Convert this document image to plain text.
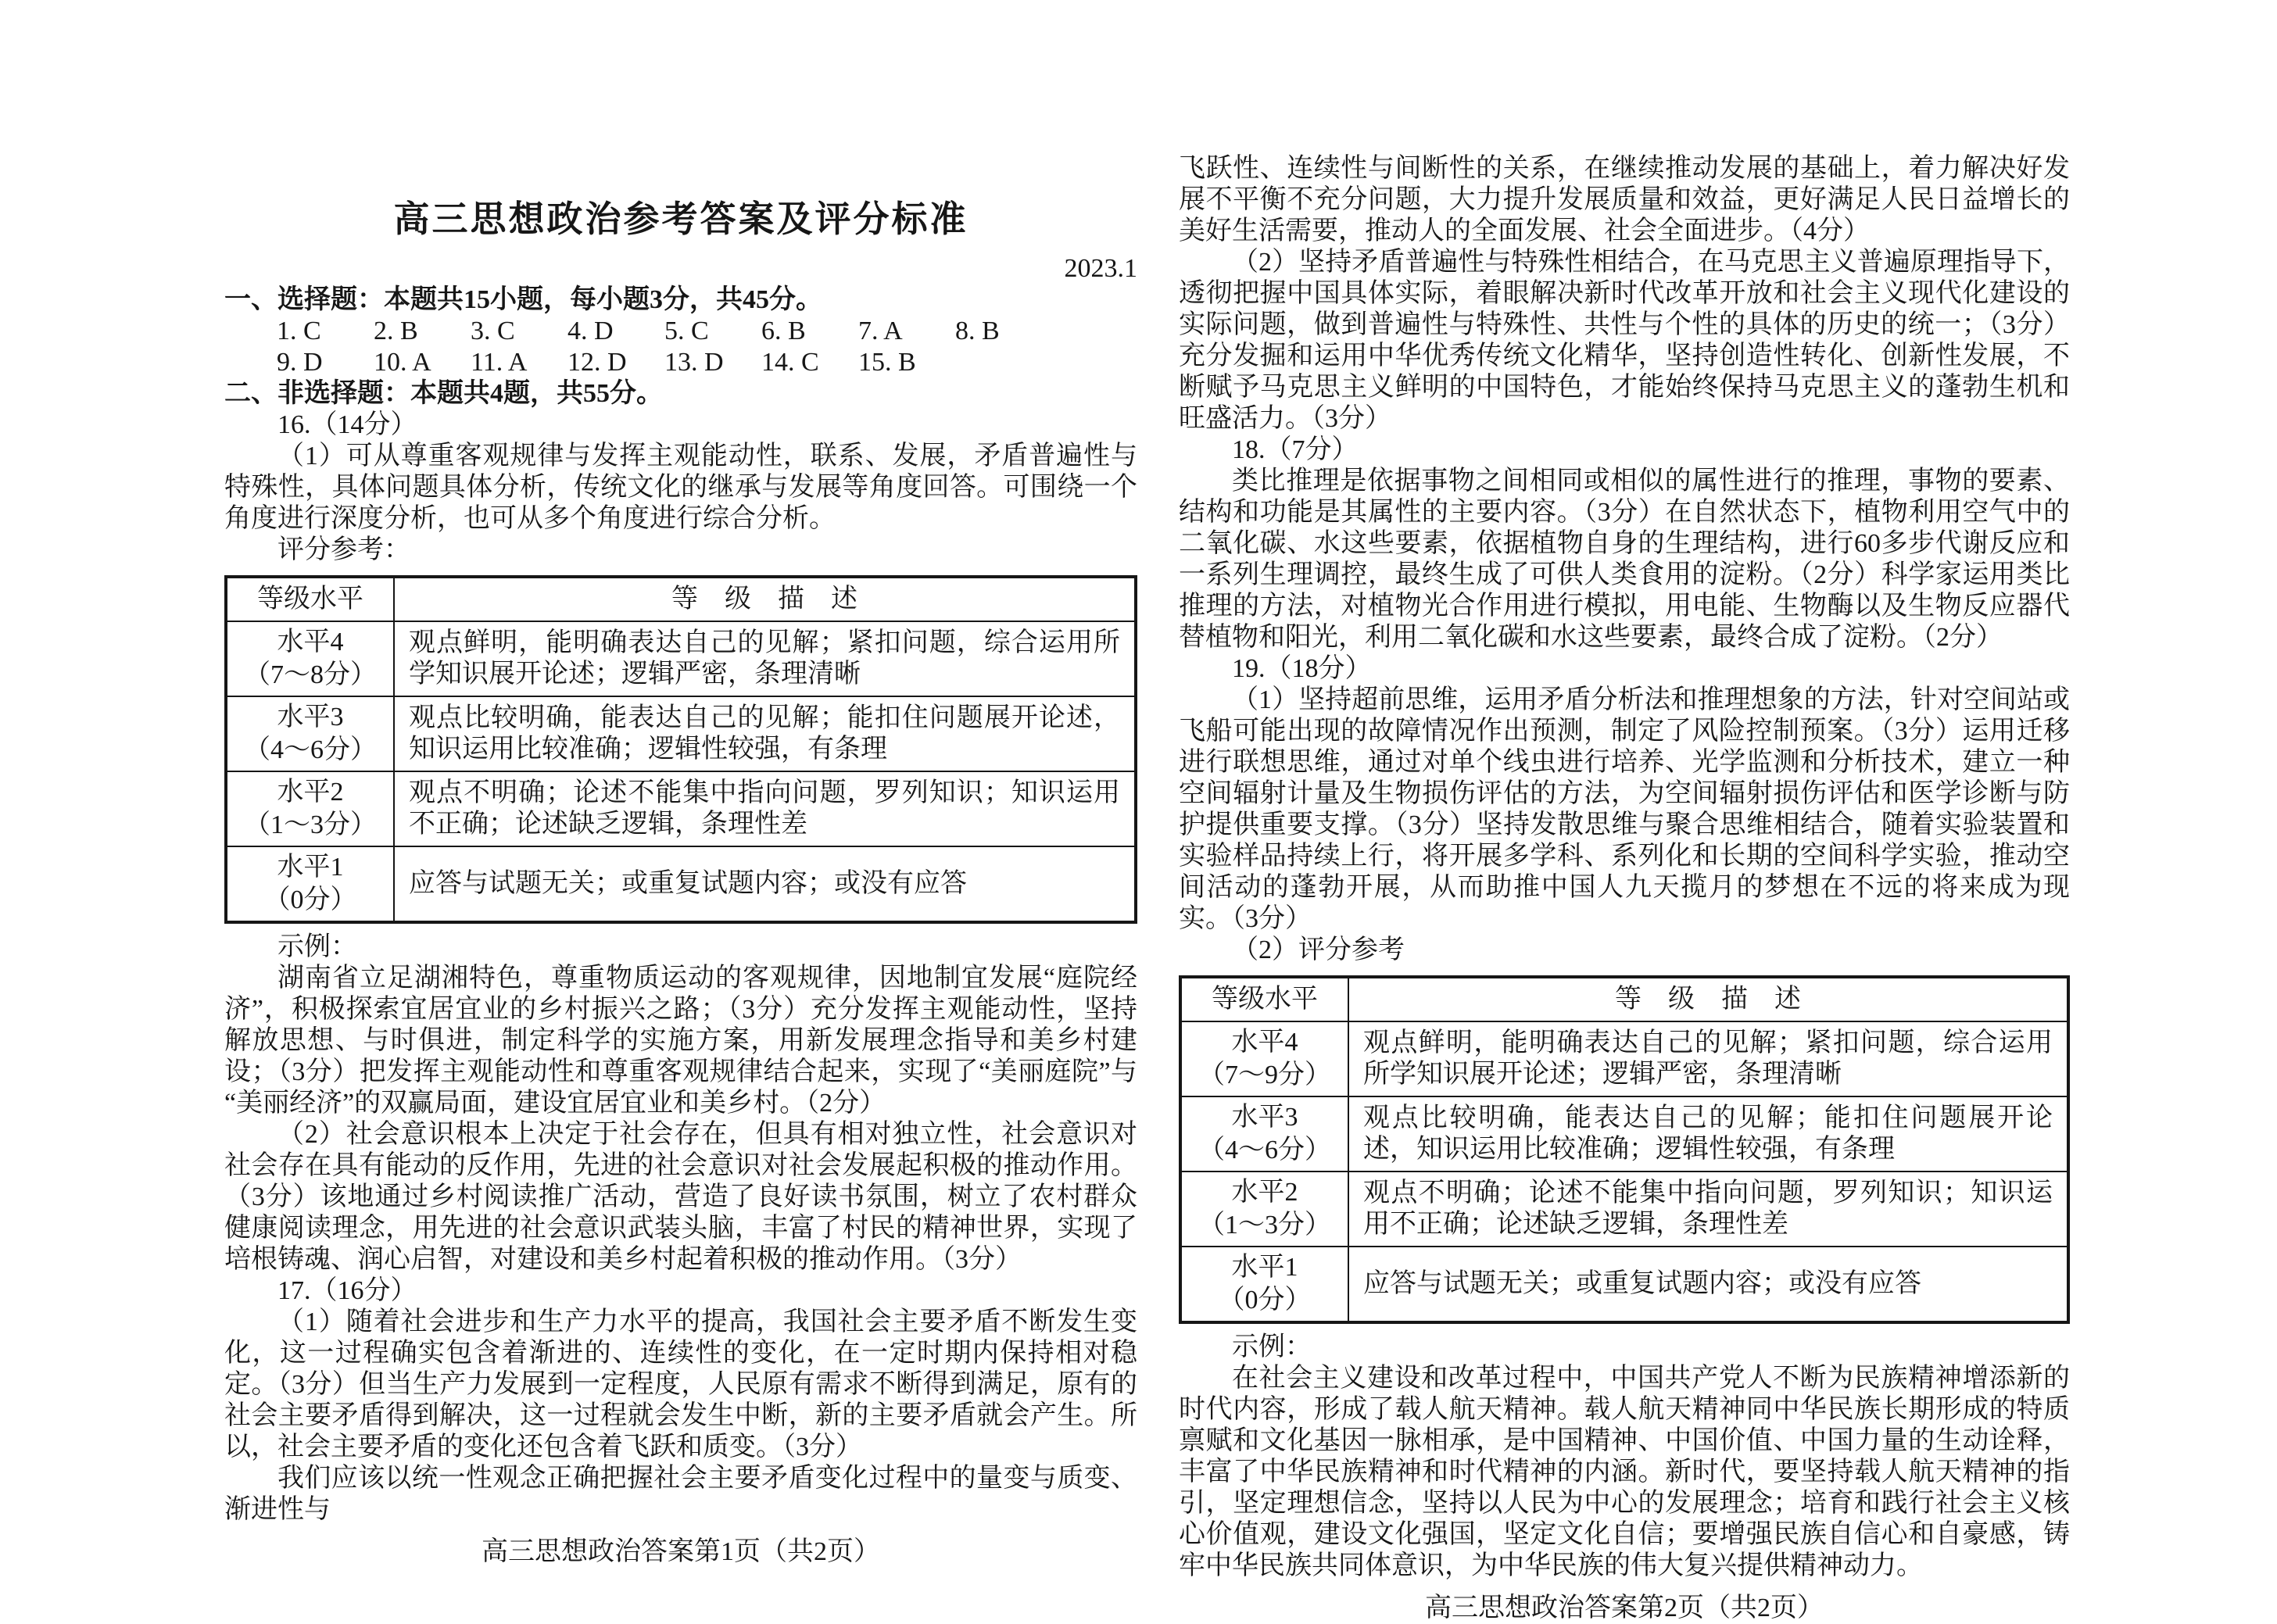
高三思想政治参考答案及评分标准
2023.1
一、选择题：本题共15小题，每小题3分，共45分。
1. C	2. B	3. C	4. D	5. C	6. B	7. A	8. B
9. D	10. A	11. A	12. D	13. D	14. C	15. B
二、非选择题：本题共4题，共55分。

16.（14分）

（1）可从尊重客观规律与发挥主观能动性，联系、发展，矛盾普遍性与特殊性，具体问题具体分析，传统文化的继承与发展等角度回答。可围绕一个角度进行深度分析，也可从多个角度进行综合分析。

评分参考：

等级水平	等　级　描　述

水平4
（7～8分）	观点鲜明，能明确表达自己的见解；紧扣问题，综合运用所学知识展开论述；逻辑严密，条理清晰

水平3
（4～6分）	观点比较明确，能表达自己的见解；能扣住问题展开论述，知识运用比较准确；逻辑性较强，有条理

水平2
（1～3分）	观点不明确；论述不能集中指向问题，罗列知识；知识运用不正确；论述缺乏逻辑，条理性差

水平1
（0分）	应答与试题无关；或重复试题内容；或没有应答

示例：

湖南省立足湖湘特色，尊重物质运动的客观规律，因地制宜发展“庭院经济”，积极探索宜居宜业的乡村振兴之路；（3分）充分发挥主观能动性，坚持解放思想、与时俱进，制定科学的实施方案，用新发展理念指导和美乡村建设；（3分）把发挥主观能动性和尊重客观规律结合起来，实现了“美丽庭院”与“美丽经济”的双赢局面，建设宜居宜业和美乡村。（2分）

（2）社会意识根本上决定于社会存在，但具有相对独立性，社会意识对社会存在具有能动的反作用，先进的社会意识对社会发展起积极的推动作用。（3分）该地通过乡村阅读推广活动，营造了良好读书氛围，树立了农村群众健康阅读理念，用先进的社会意识武装头脑，丰富了村民的精神世界，实现了培根铸魂、润心启智，对建设和美乡村起着积极的推动作用。（3分）

17.（16分）

（1）随着社会进步和生产力水平的提高，我国社会主要矛盾不断发生变化，这一过程确实包含着渐进的、连续性的变化，在一定时期内保持相对稳定。（3分）但当生产力发展到一定程度，人民原有需求不断得到满足，原有的社会主要矛盾得到解决，这一过程就会发生中断，新的主要矛盾就会产生。所以，社会主要矛盾的变化还包含着飞跃和质变。（3分）

我们应该以统一性观念正确把握社会主要矛盾变化过程中的量变与质变、渐进性与

高三思想政治答案第1页（共2页）

飞跃性、连续性与间断性的关系，在继续推动发展的基础上，着力解决好发展不平衡不充分问题，大力提升发展质量和效益，更好满足人民日益增长的美好生活需要，推动人的全面发展、社会全面进步。（4分）

（2）坚持矛盾普遍性与特殊性相结合，在马克思主义普遍原理指导下，透彻把握中国具体实际，着眼解决新时代改革开放和社会主义现代化建设的实际问题，做到普遍性与特殊性、共性与个性的具体的历史的统一；（3分）充分发掘和运用中华优秀传统文化精华，坚持创造性转化、创新性发展，不断赋予马克思主义鲜明的中国特色，才能始终保持马克思主义的蓬勃生机和旺盛活力。（3分）

18.（7分）

类比推理是依据事物之间相同或相似的属性进行的推理，事物的要素、结构和功能是其属性的主要内容。（3分）在自然状态下，植物利用空气中的二氧化碳、水这些要素，依据植物自身的生理结构，进行60多步代谢反应和一系列生理调控，最终生成了可供人类食用的淀粉。（2分）科学家运用类比推理的方法，对植物光合作用进行模拟，用电能、生物酶以及生物反应器代替植物和阳光，利用二氧化碳和水这些要素，最终合成了淀粉。（2分）

19.（18分）

（1）坚持超前思维，运用矛盾分析法和推理想象的方法，针对空间站或飞船可能出现的故障情况作出预测，制定了风险控制预案。（3分）运用迁移进行联想思维，通过对单个线虫进行培养、光学监测和分析技术，建立一种空间辐射计量及生物损伤评估的方法，为空间辐射损伤评估和医学诊断与防护提供重要支撑。（3分）坚持发散思维与聚合思维相结合，随着实验装置和实验样品持续上行，将开展多学科、系列化和长期的空间科学实验，推动空间活动的蓬勃开展，从而助推中国人九天揽月的梦想在不远的将来成为现实。（3分）

（2）评分参考

等级水平	等　级　描　述

水平4
（7～9分）	观点鲜明，能明确表达自己的见解；紧扣问题，综合运用所学知识展开论述；逻辑严密，条理清晰

水平3
（4～6分）	观点比较明确，能表达自己的见解；能扣住问题展开论述，知识运用比较准确；逻辑性较强，有条理

水平2
（1～3分）	观点不明确；论述不能集中指向问题，罗列知识；知识运用不正确；论述缺乏逻辑，条理性差

水平1
（0分）	应答与试题无关；或重复试题内容；或没有应答

示例：

在社会主义建设和改革过程中，中国共产党人不断为民族精神增添新的时代内容，形成了载人航天精神。载人航天精神同中华民族长期形成的特质禀赋和文化基因一脉相承，是中国精神、中国价值、中国力量的生动诠释，丰富了中华民族精神和时代精神的内涵。新时代，要坚持载人航天精神的指引，坚定理想信念，坚持以人民为中心的发展理念；培育和践行社会主义核心价值观，建设文化强国，坚定文化自信；要增强民族自信心和自豪感，铸牢中华民族共同体意识，为中华民族的伟大复兴提供精神动力。

高三思想政治答案第2页（共2页）
